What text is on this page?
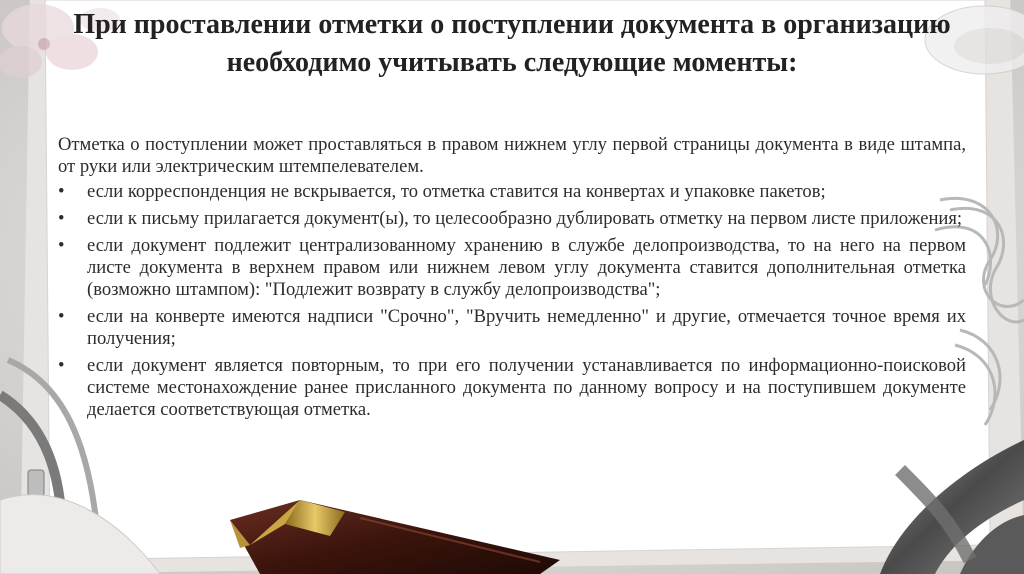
При проставлении отметки о поступлении документа в организацию необходимо учитывать следующие моменты:

Отметка о поступлении может проставляться в правом нижнем углу первой страницы документа в виде штампа, от руки или электрическим штемпелевателем.

•	если корреспонденция не вскрывается, то отметка ставится на конвертах и упаковке пакетов;
•	если к письму прилагается документ(ы), то целесообразно дублировать отметку на первом листе приложения;
•	если документ подлежит централизованному хранению в службе делопроизводства, то на него на первом листе документа в верхнем правом или нижнем левом углу документа ставится дополнительная отметка (возможно штампом): "Подлежит возврату в службу делопроизводства";
•	если на конверте имеются надписи "Срочно", "Вручить немедленно" и другие, отмечается точное время их получения;
•	если документ является повторным, то при его получении устанавливается по информационно-поисковой системе местонахождение ранее присланного документа по данному вопросу и на поступившем документе делается соответствующая отметка.
